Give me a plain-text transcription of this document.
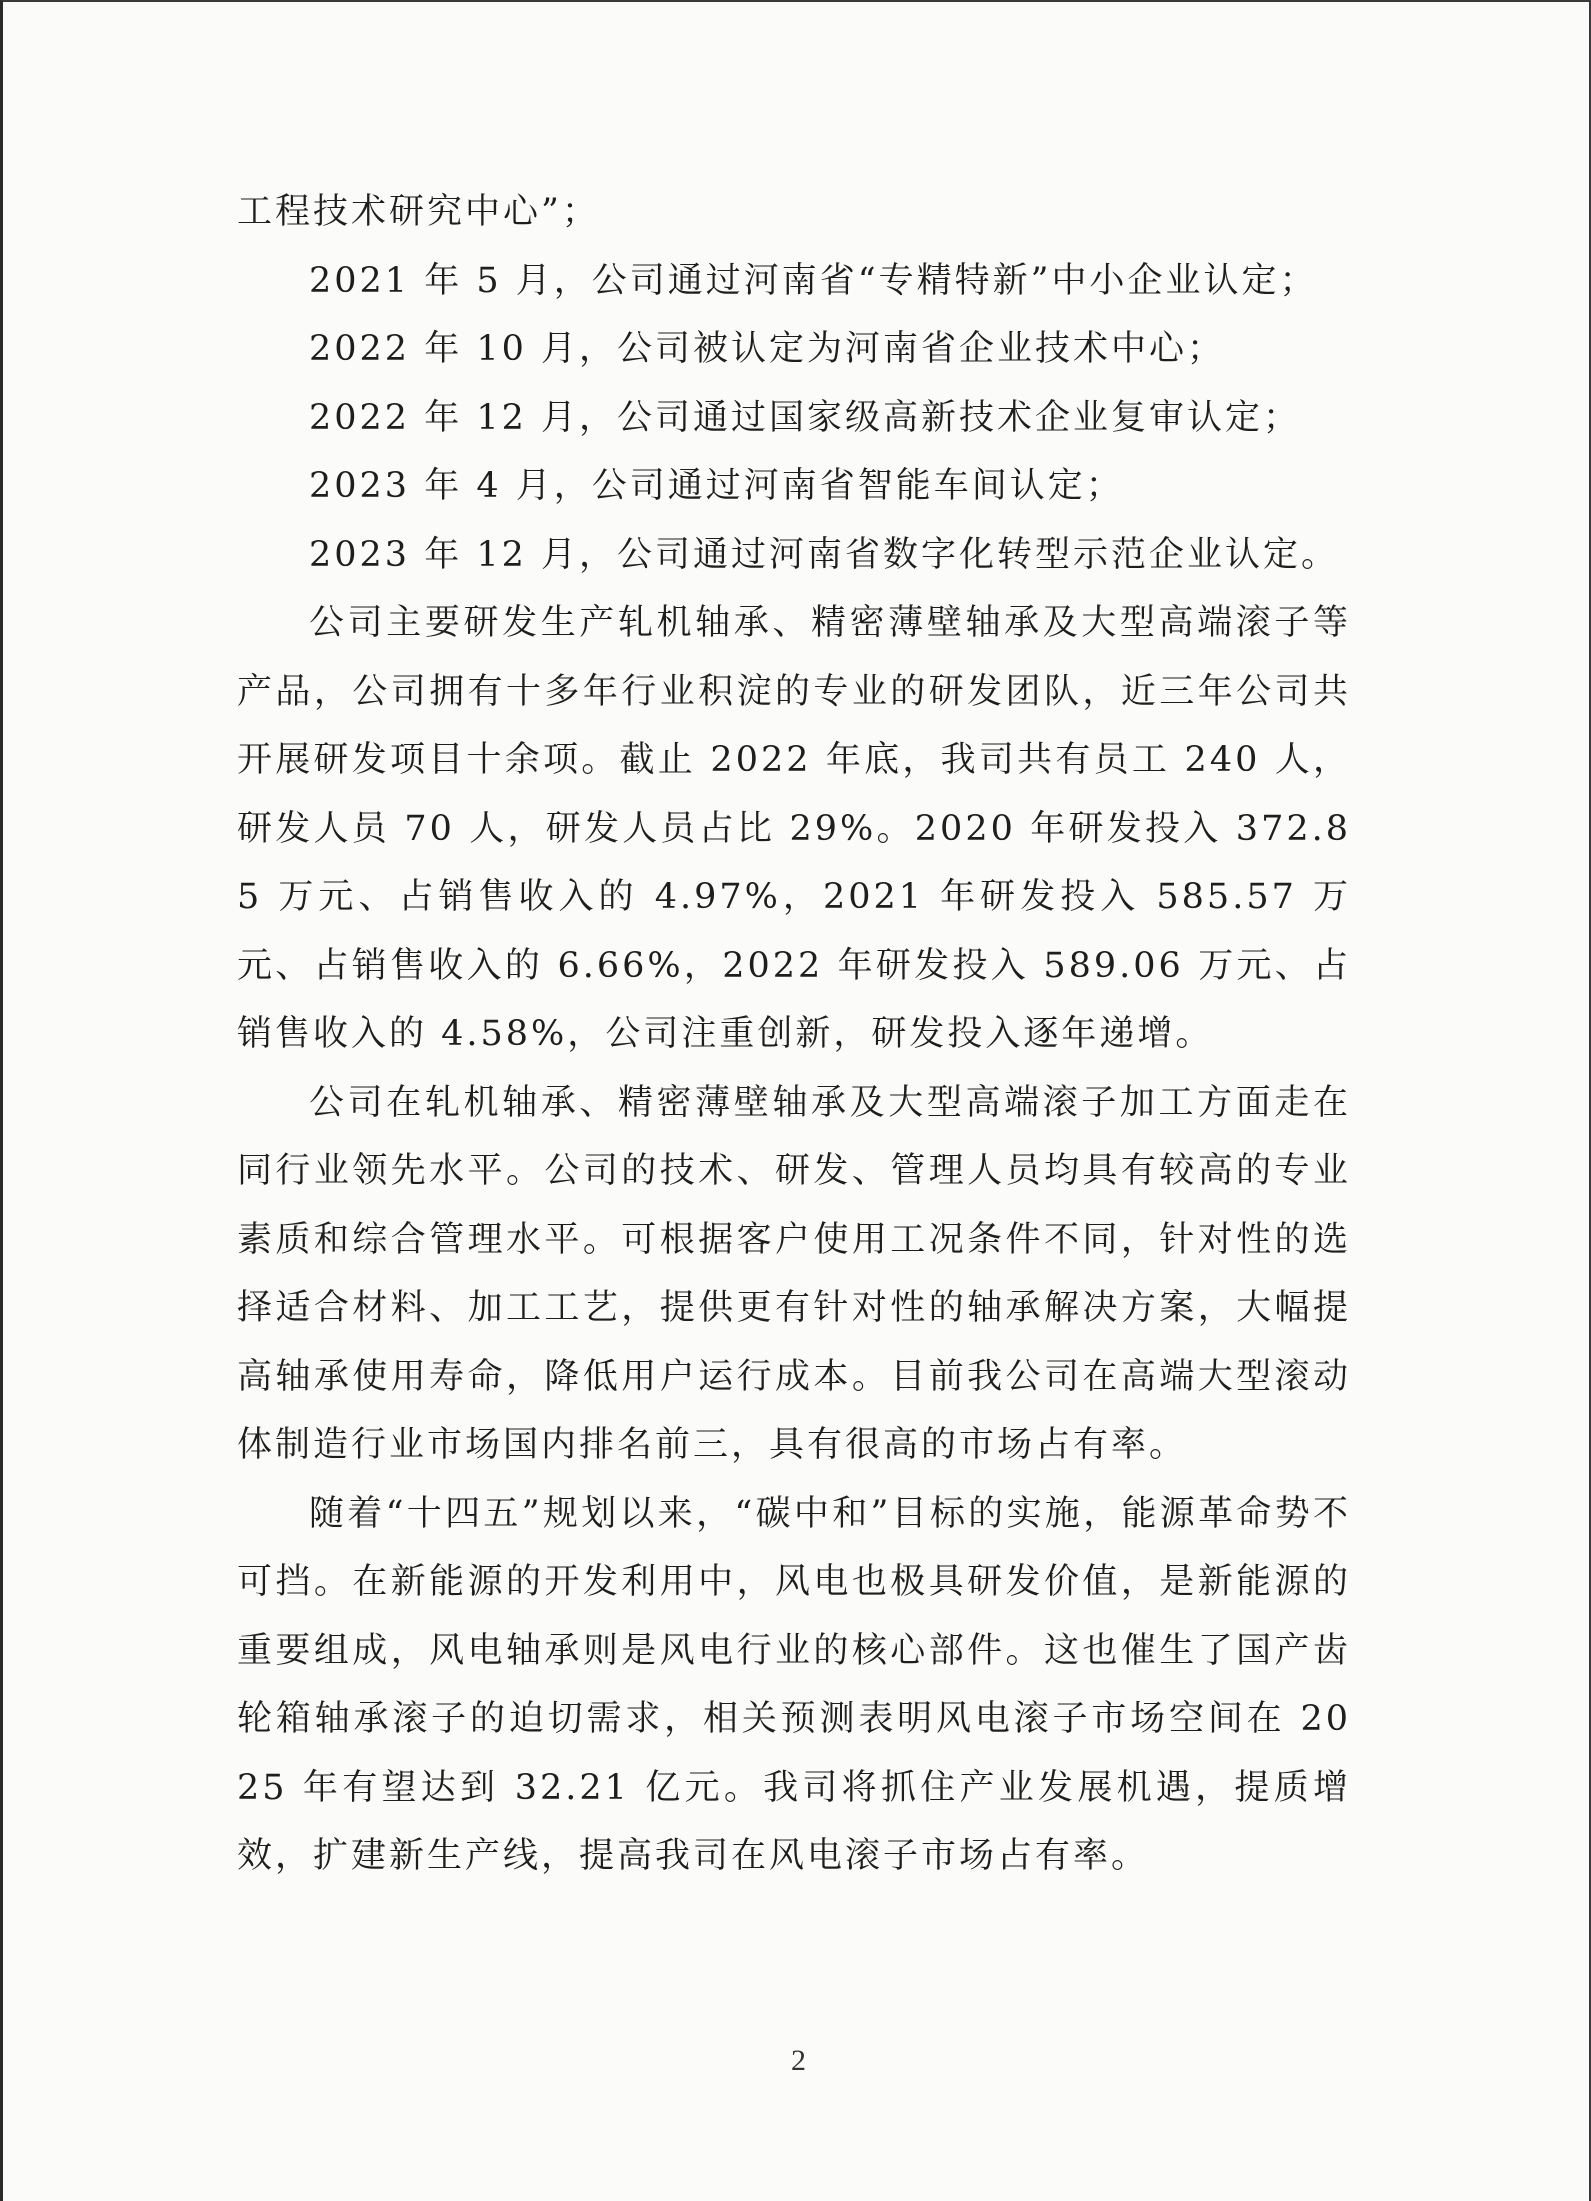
工程技术研究中心”；
2021 年 5 月，公司通过河南省“专精特新”中小企业认定；
2022 年 10 月，公司被认定为河南省企业技术中心；
2022 年 12 月，公司通过国家级高新技术企业复审认定；
2023 年 4 月，公司通过河南省智能车间认定；
2023 年 12 月，公司通过河南省数字化转型示范企业认定。

公司主要研发生产轧机轴承、精密薄壁轴承及大型高端滚子等产品，公司拥有十多年行业积淀的专业的研发团队，近三年公司共开展研发项目十余项。截止 2022 年底，我司共有员工 240 人，研发人员 70 人，研发人员占比 29%。2020 年研发投入 372.85 万元、占销售收入的 4.97%，2021 年研发投入 585.57 万元、占销售收入的 6.66%，2022 年研发投入 589.06 万元、占销售收入的 4.58%，公司注重创新，研发投入逐年递增。

公司在轧机轴承、精密薄壁轴承及大型高端滚子加工方面走在同行业领先水平。公司的技术、研发、管理人员均具有较高的专业素质和综合管理水平。可根据客户使用工况条件不同，针对性的选择适合材料、加工工艺，提供更有针对性的轴承解决方案，大幅提高轴承使用寿命，降低用户运行成本。目前我公司在高端大型滚动体制造行业市场国内排名前三，具有很高的市场占有率。

随着“十四五”规划以来，“碳中和”目标的实施，能源革命势不可挡。在新能源的开发利用中，风电也极具研发价值，是新能源的重要组成，风电轴承则是风电行业的核心部件。这也催生了国产齿轮箱轴承滚子的迫切需求，相关预测表明风电滚子市场空间在 2025 年有望达到 32.21 亿元。我司将抓住产业发展机遇，提质增效，扩建新生产线，提高我司在风电滚子市场占有率。

2
